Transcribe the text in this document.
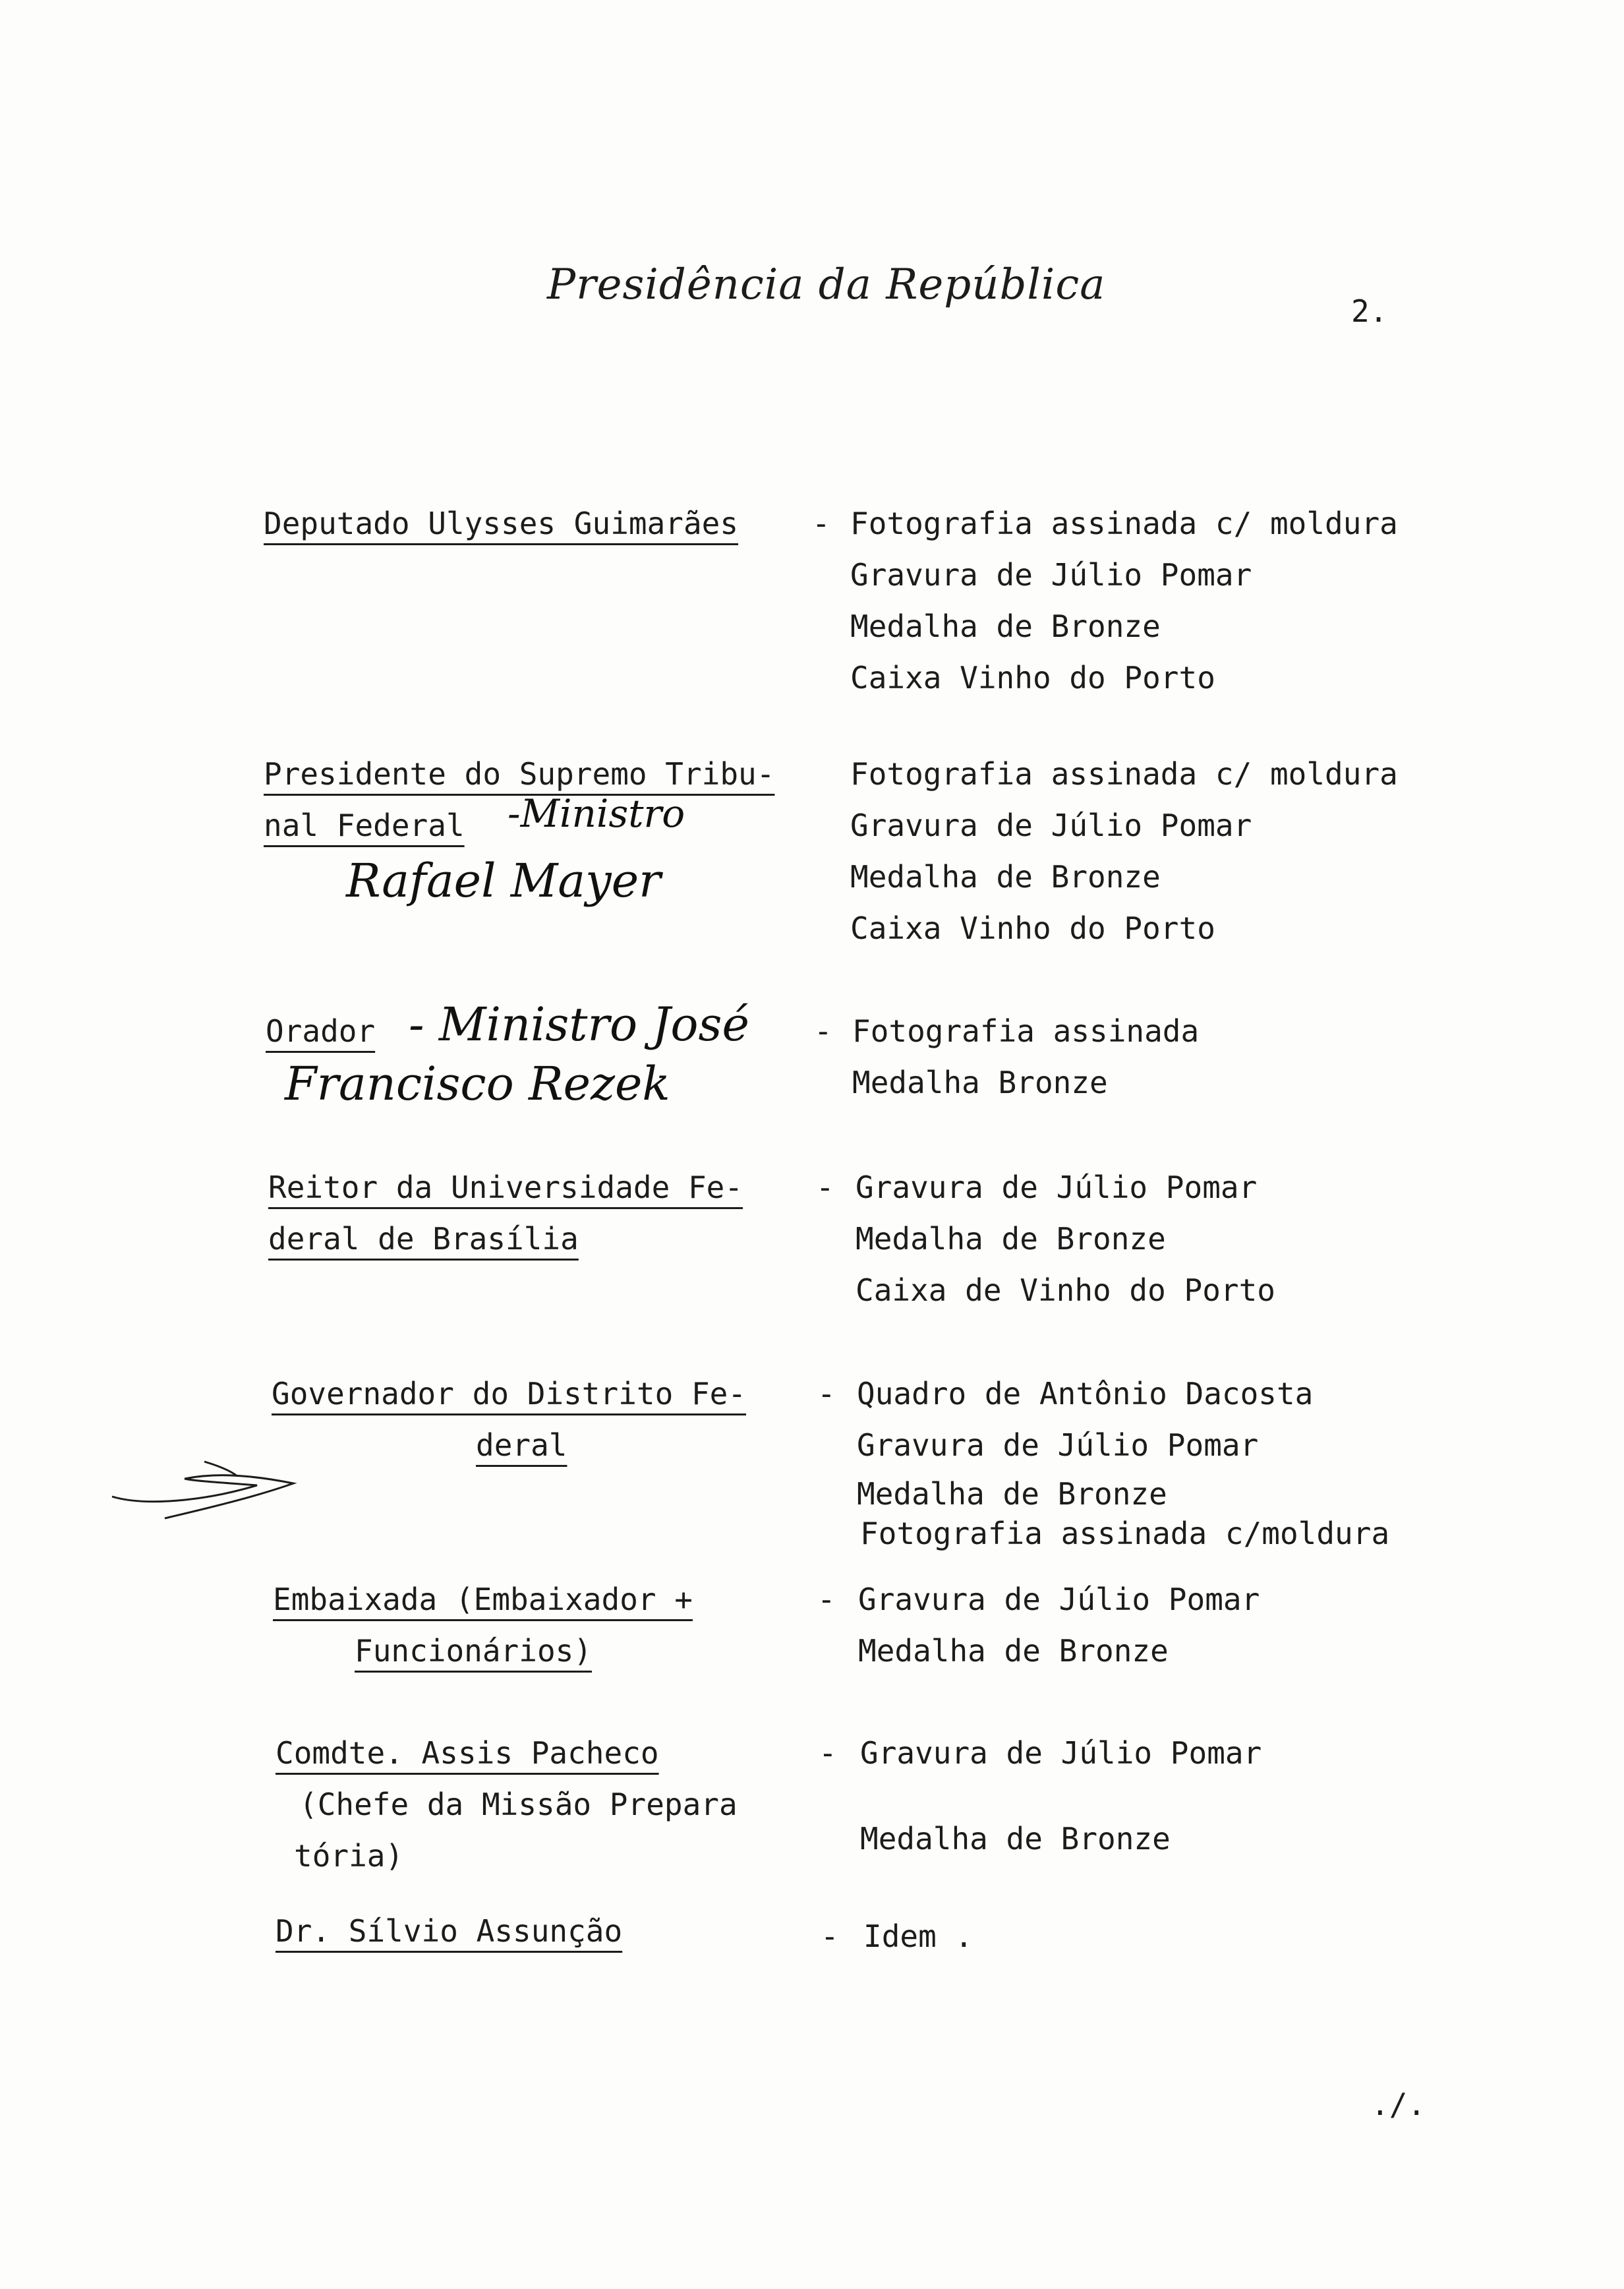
Presidência da República
2.
Deputado Ulysses Guimarães - Fotografia assinada c/ moldura
Gravura de Júlio Pomar
Medalha de Bronze
Caixa Vinho do Porto
Presidente do Supremo Tribu-
nal Federal -Ministro
Rafael Mayer
Fotografia assinada c/ moldura
Gravura de Júlio Pomar
Medalha de Bronze
Caixa Vinho do Porto
Orador - Ministro José
Francisco Rezek
- Fotografia assinada
Medalha Bronze
Reitor da Universidade Fe-
deral de Brasília
- Gravura de Júlio Pomar
Medalha de Bronze
Caixa de Vinho do Porto
Governador do Distrito Fe-
deral
- Quadro de Antônio Dacosta
Gravura de Júlio Pomar
Medalha de Bronze
Fotografia assinada c/moldura
Embaixada (Embaixador +
Funcionários)
- Gravura de Júlio Pomar
Medalha de Bronze
Comdte. Assis Pacheco
(Chefe da Missão Prepara
tória)
- Gravura de Júlio Pomar
Medalha de Bronze
Dr. Sílvio Assunção	- Idem .
./.
